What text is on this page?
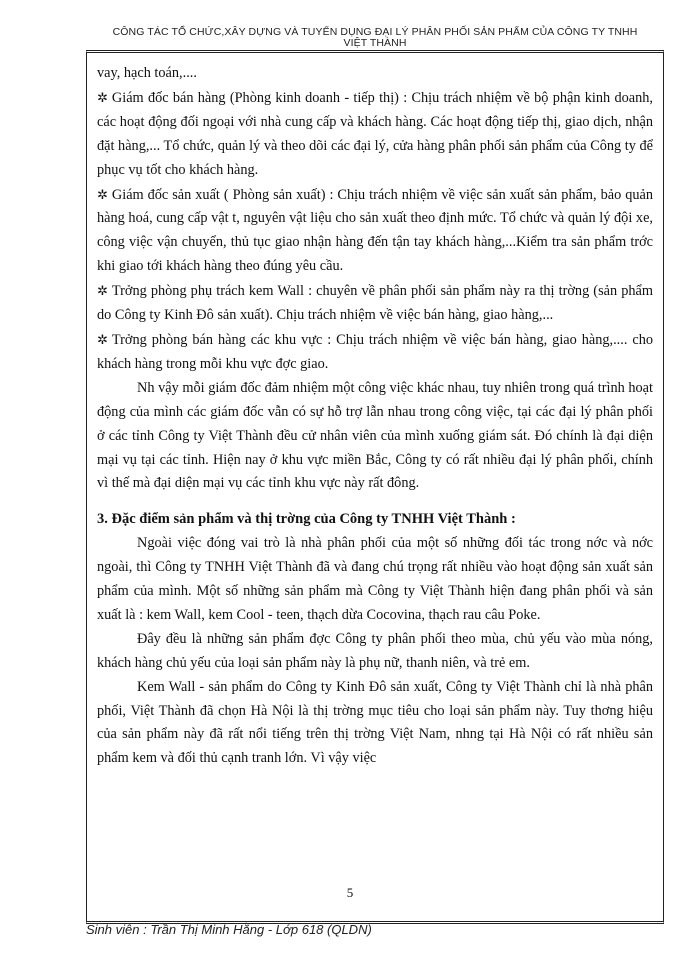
CÔNG TÁC TỔ CHỨC,XÂY DỰNG VÀ TUYỂN DỤNG ĐẠI LÝ PHÂN PHỐI SẢN PHẨM CỦA CÔNG TY TNHH VIỆT THÀNH

vay, hạch toán,....

✲ Giám đốc bán hàng (Phòng kinh doanh - tiếp thị) : Chịu trách nhiệm về bộ phận kinh doanh, các hoạt động đối ngoại với nhà cung cấp và khách hàng. Các hoạt động tiếp thị, giao dịch, nhận đặt hàng,... Tổ chức, quản lý và theo dõi các đại lý, cửa hàng phân phối sản phẩm của Công ty để phục vụ tốt cho khách hàng.

✲ Giám đốc sản xuất ( Phòng sản xuất) : Chịu trách nhiệm về việc sản xuất sản phẩm, bảo quản hàng hoá, cung cấp vật t, nguyên vật liệu cho sản xuất theo định mức. Tổ chức và quản lý đội xe, công việc vận chuyển, thủ tục giao nhận hàng đến tận tay khách hàng,...Kiểm tra sản phẩm trớc khi giao tới khách hàng theo đúng yêu cầu.

✲ Trởng phòng phụ trách kem Wall : chuyên về phân phối sản phẩm này ra thị trờng (sản phẩm do Công ty Kinh Đô sản xuất). Chịu trách nhiệm về việc bán hàng, giao hàng,...

✲ Trởng phòng bán hàng các khu vực : Chịu trách nhiệm về việc bán hàng, giao hàng,.... cho khách hàng trong mỗi khu vực đợc giao.

Nh vậy mỗi giám đốc đảm nhiệm một công việc khác nhau, tuy nhiên trong quá trình hoạt động của mình các giám đốc vẫn có sự hỗ trợ lẫn nhau trong công việc, tại các đại lý phân phối ở các tỉnh Công ty Việt Thành đều cử nhân viên của mình xuống giám sát. Đó chính là đại diện mại vụ tại các tỉnh. Hiện nay ở khu vực miền Bắc, Công ty có rất nhiều đại lý phân phối, chính vì thế mà đại diện mại vụ các tỉnh khu vực này rất đông.

3. Đặc điểm sản phẩm và thị trờng của Công ty TNHH Việt Thành :

Ngoài việc đóng vai trò là nhà phân phối của một số những đối tác trong nớc và nớc ngoài, thì Công ty TNHH Việt Thành đã và đang chú trọng rất nhiều vào hoạt động sản xuất sản phẩm của mình. Một số những sản phẩm mà Công ty Việt Thành hiện đang phân phối và sản xuất là : kem Wall, kem Cool - teen, thạch dừa Cocovina, thạch rau câu Poke.

Đây đều là những sản phẩm đợc Công ty phân phối theo mùa, chủ yếu vào mùa nóng, khách hàng chủ yếu của loại sản phẩm này là phụ nữ, thanh niên, và trẻ em.

Kem Wall - sản phẩm do Công ty Kinh Đô sản xuất, Công ty Việt Thành chỉ là nhà phân phối, Việt Thành đã chọn Hà Nội là thị trờng mục tiêu cho loại sản phẩm này. Tuy thơng hiệu của sản phẩm này đã rất nổi tiếng trên thị trờng Việt Nam, nhng tại Hà Nội có rất nhiều sản phẩm kem và đối thủ cạnh tranh lớn. Vì vậy việc

5
Sinh viên : Trần Thị Minh Hằng - Lớp 618 (QLDN)
